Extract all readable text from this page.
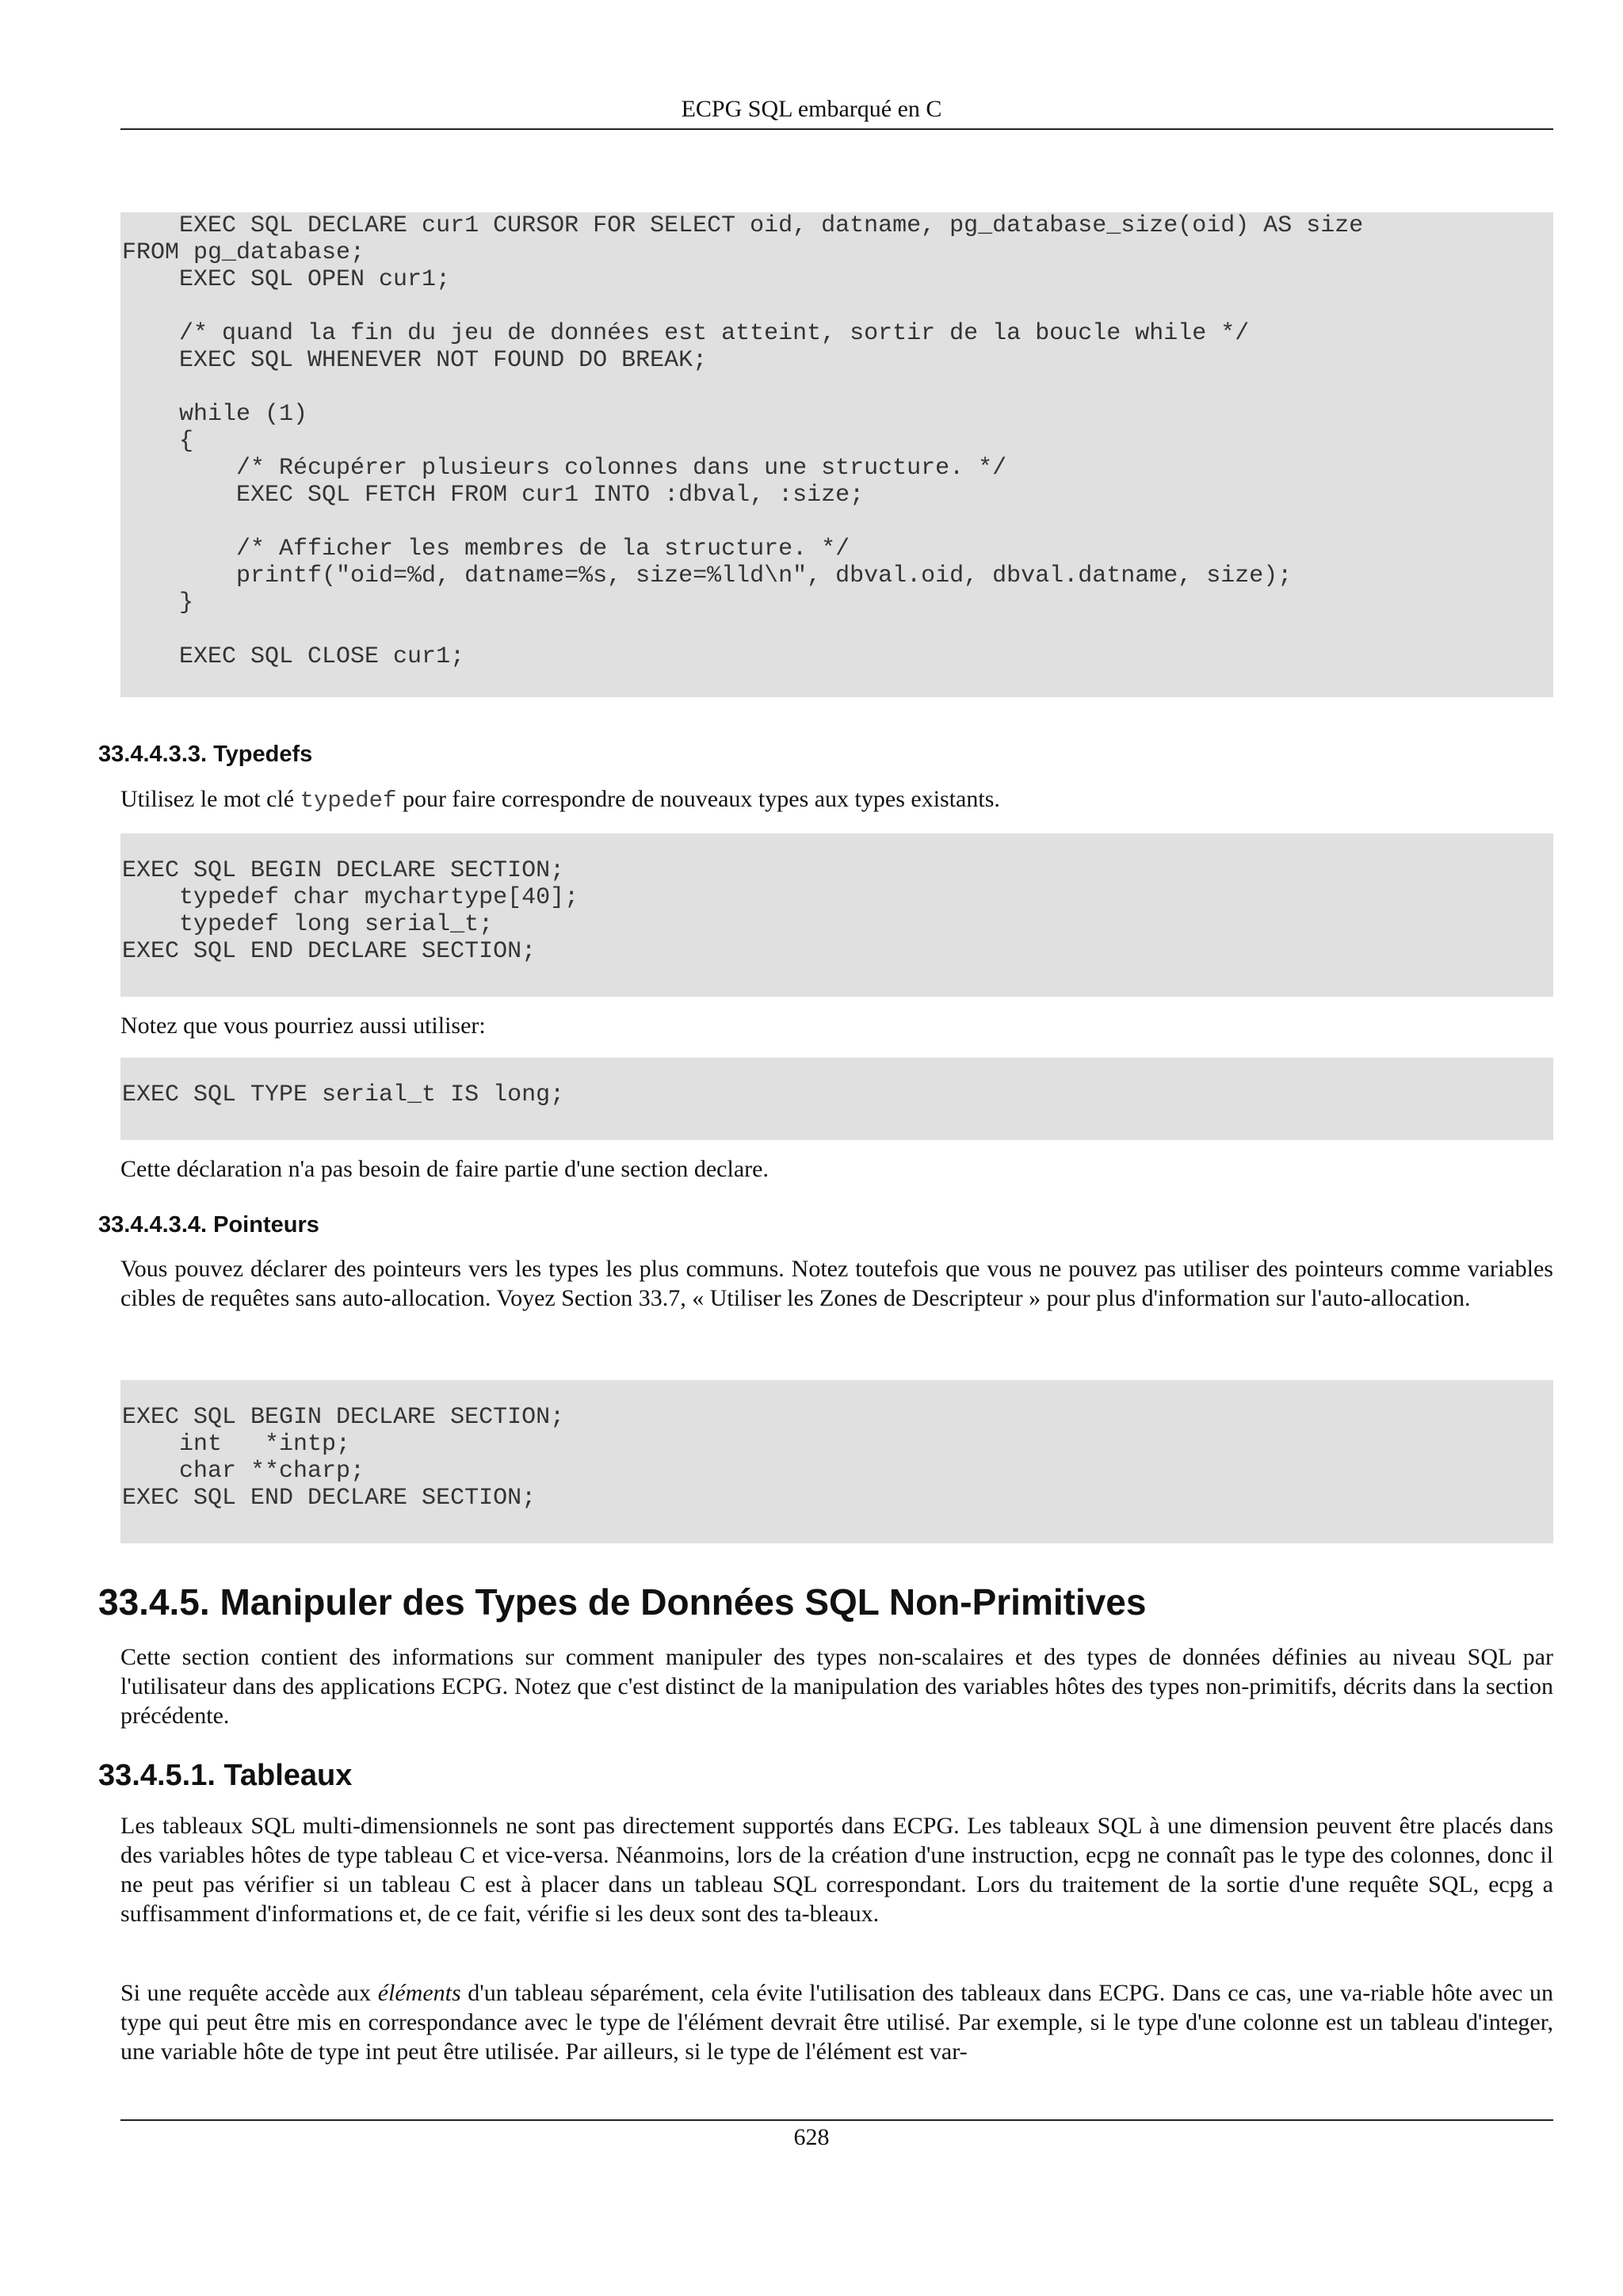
ECPG SQL embarqué en C
EXEC SQL DECLARE cur1 CURSOR FOR SELECT oid, datname, pg_database_size(oid) AS size
FROM pg_database;
EXEC SQL OPEN cur1;

/* quand la fin du jeu de données est atteint, sortir de la boucle while */
EXEC SQL WHENEVER NOT FOUND DO BREAK;

while (1)
{
/* Récupérer plusieurs colonnes dans une structure. */
EXEC SQL FETCH FROM cur1 INTO :dbval, :size;

/* Afficher les membres de la structure. */
printf("oid=%d, datname=%s, size=%lld\n", dbval.oid, dbval.datname, size);
}

EXEC SQL CLOSE cur1;
33.4.4.3.3. Typedefs

Utilisez le mot clé typedef pour faire correspondre de nouveaux types aux types existants.

EXEC SQL BEGIN DECLARE SECTION;
typedef char mychartype[40];
typedef long serial_t;
EXEC SQL END DECLARE SECTION;

Notez que vous pourriez aussi utiliser:

EXEC SQL TYPE serial_t IS long;

Cette déclaration n'a pas besoin de faire partie d'une section declare.

33.4.4.3.4. Pointeurs

Vous pouvez déclarer des pointeurs vers les types les plus communs. Notez toutefois que vous ne pouvez pas utiliser des pointeurs comme variables cibles de requêtes sans auto-allocation. Voyez Section 33.7, « Utiliser les Zones de Descripteur » pour plus d'information sur l'auto-allocation.

EXEC SQL BEGIN DECLARE SECTION;
int   *intp;
char **charp;
EXEC SQL END DECLARE SECTION;
33.4.5. Manipuler des Types de Données SQL Non-Primitives

Cette section contient des informations sur comment manipuler des types non-scalaires et des types de données définies au niveau SQL par l'utilisateur dans des applications ECPG. Notez que c'est distinct de la manipulation des variables hôtes des types non-primitifs, décrits dans la section précédente.

33.4.5.1. Tableaux

Les tableaux SQL multi-dimensionnels ne sont pas directement supportés dans ECPG. Les tableaux SQL à une dimension peuvent être placés dans des variables hôtes de type tableau C et vice-versa. Néanmoins, lors de la création d'une instruction, ecpg ne connaît pas le type des colonnes, donc il ne peut pas vérifier si un tableau C est à placer dans un tableau SQL correspondant. Lors du traitement de la sortie d'une requête SQL, ecpg a suffisamment d'informations et, de ce fait, vérifie si les deux sont des ta-bleaux.

Si une requête accède aux éléments d'un tableau séparément, cela évite l'utilisation des tableaux dans ECPG. Dans ce cas, une va-riable hôte avec un type qui peut être mis en correspondance avec le type de l'élément devrait être utilisé. Par exemple, si le type d'une colonne est un tableau d'integer, une variable hôte de type int peut être utilisée. Par ailleurs, si le type de l'élément est var-

628
